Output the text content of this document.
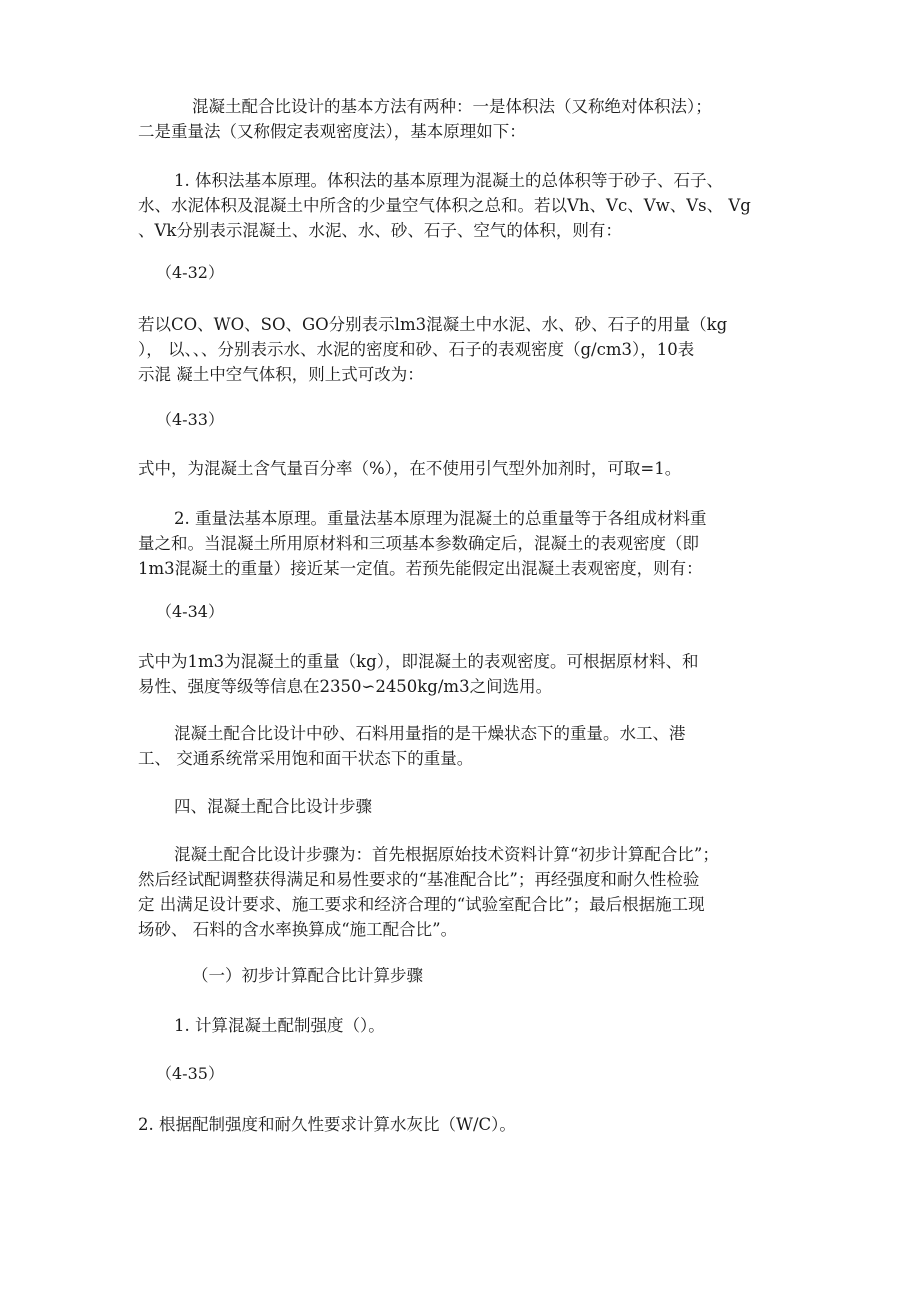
混凝土配合比设计的基本方法有两种：一是体积法（又称绝对体积法）；
二是重量法（又称假定表观密度法），基本原理如下：

1. 体积法基本原理。体积法的基本原理为混凝土的总体积等于砂子、石子、
水、水泥体积及混凝土中所含的少量空气体积之总和。若以Vh、Vc、Vw、Vs、 Vg
、Vk分别表示混凝土、水泥、水、砂、石子、空气的体积，则有：

（4-32）

若以CO、WO、SO、GO分别表示lm3混凝土中水泥、水、砂、石子的用量（kg
）， 以、、、分别表示水、水泥的密度和砂、石子的表观密度（g/cm3），10表
示混 凝土中空气体积，则上式可改为：

（4-33）

式中，为混凝土含气量百分率（%），在不使用引气型外加剂时，可取=1。

2. 重量法基本原理。重量法基本原理为混凝土的总重量等于各组成材料重
量之和。当混凝土所用原材料和三项基本参数确定后，混凝土的表观密度（即
1m3混凝土的重量）接近某一定值。若预先能假定出混凝土表观密度，则有：

（4-34）

式中为1m3为混凝土的重量（kg），即混凝土的表观密度。可根据原材料、和
易性、强度等级等信息在2350∽2450kg/m3之间选用。

混凝土配合比设计中砂、石料用量指的是干燥状态下的重量。水工、港
工、 交通系统常采用饱和面干状态下的重量。

四、混凝土配合比设计步骤

混凝土配合比设计步骤为：首先根据原始技术资料计算“初步计算配合比”；
然后经试配调整获得满足和易性要求的“基准配合比”；再经强度和耐久性检验
定 出满足设计要求、施工要求和经济合理的“试验室配合比”；最后根据施工现
场砂、 石料的含水率换算成“施工配合比”。

（一）初步计算配合比计算步骤

1. 计算混凝土配制强度（）。

（4-35）

2. 根据配制强度和耐久性要求计算水灰比（W/C）。
